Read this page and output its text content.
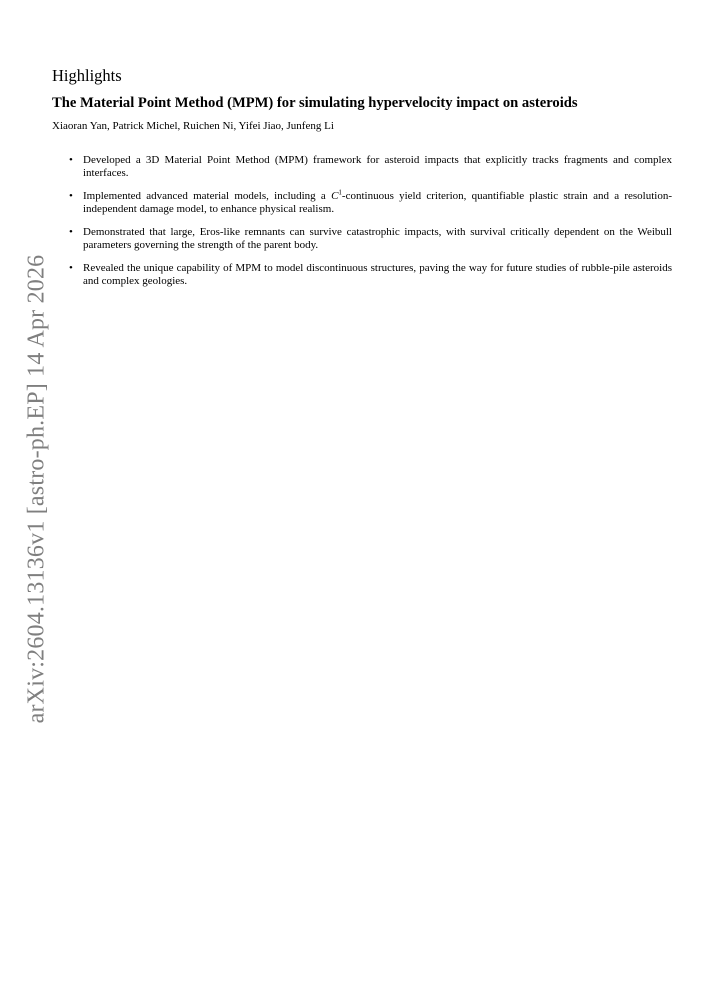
arXiv:2604.13136v1 [astro-ph.EP] 14 Apr 2026
Highlights
The Material Point Method (MPM) for simulating hypervelocity impact on asteroids
Xiaoran Yan, Patrick Michel, Ruichen Ni, Yifei Jiao, Junfeng Li
• Developed a 3D Material Point Method (MPM) framework for asteroid impacts that explicitly tracks fragments and complex interfaces.
• Implemented advanced material models, including a $C^1$-continuous yield criterion, quantifiable plastic strain and a resolution-independent damage model, to enhance physical realism.
• Demonstrated that large, Eros-like remnants can survive catastrophic impacts, with survival critically dependent on the Weibull parameters governing the strength of the parent body.
• Revealed the unique capability of MPM to model discontinuous structures, paving the way for future studies of rubble-pile asteroids and complex geologies.
